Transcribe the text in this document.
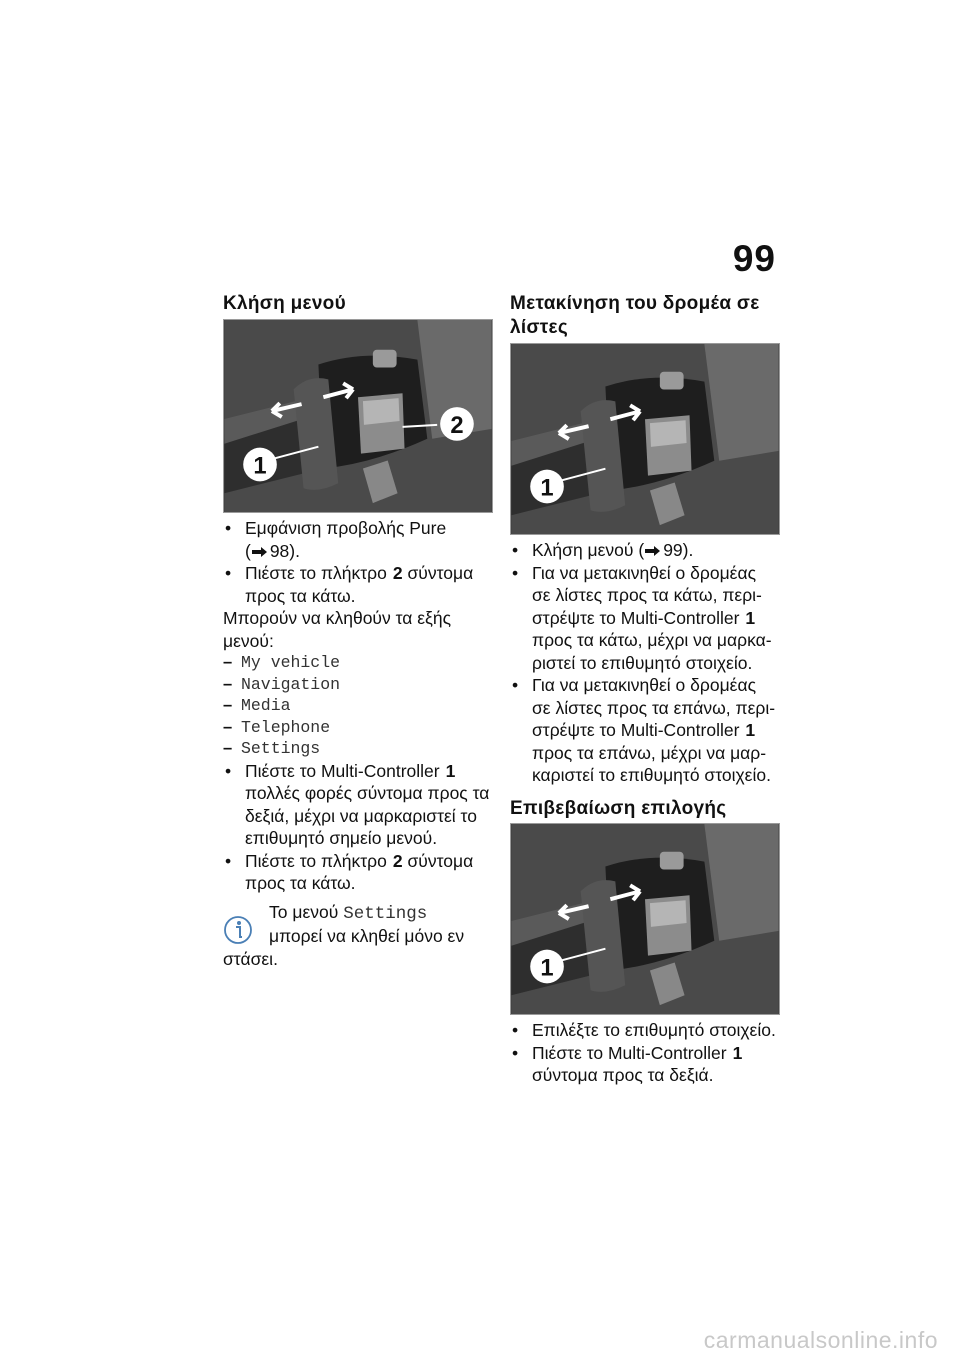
99
Κλήση μενού
1
2
• Εμφάνιση προβολής Pure
( 98).
• Πιέστε το πλήκτρο 2 σύντομα
προς τα κάτω.
Μπορούν να κληθούν τα εξής
μενού:
– My vehicle
– Navigation
– Media
– Telephone
– Settings
• Πιέστε το Multi-Controller 1
πολλές φορές σύντομα προς τα
δεξιά, μέχρι να μαρκαριστεί το
επιθυμητό σημείο μενού.
• Πιέστε το πλήκτρο 2 σύντομα
προς τα κάτω.
Το μενού Settings
μπορεί να κληθεί μόνο εν
στάσει.
Μετακίνηση του δρομέα σε
λίστες
1
• Κλήση μενού ( 99).
• Για να μετακινηθεί ο δρομέας
σε λίστες προς τα κάτω, περι-
στρέψτε το Multi-Controller 1
προς τα κάτω, μέχρι να μαρκα-
ριστεί το επιθυμητό στοιχείο.
• Για να μετακινηθεί ο δρομέας
σε λίστες προς τα επάνω, περι-
στρέψτε το Multi-Controller 1
προς τα επάνω, μέχρι να μαρ-
καριστεί το επιθυμητό στοιχείο.
Επιβεβαίωση επιλογής
1
• Επιλέξτε το επιθυμητό στοιχείο.
• Πιέστε το Multi-Controller 1
σύντομα προς τα δεξιά.
carmanualsonline.info
